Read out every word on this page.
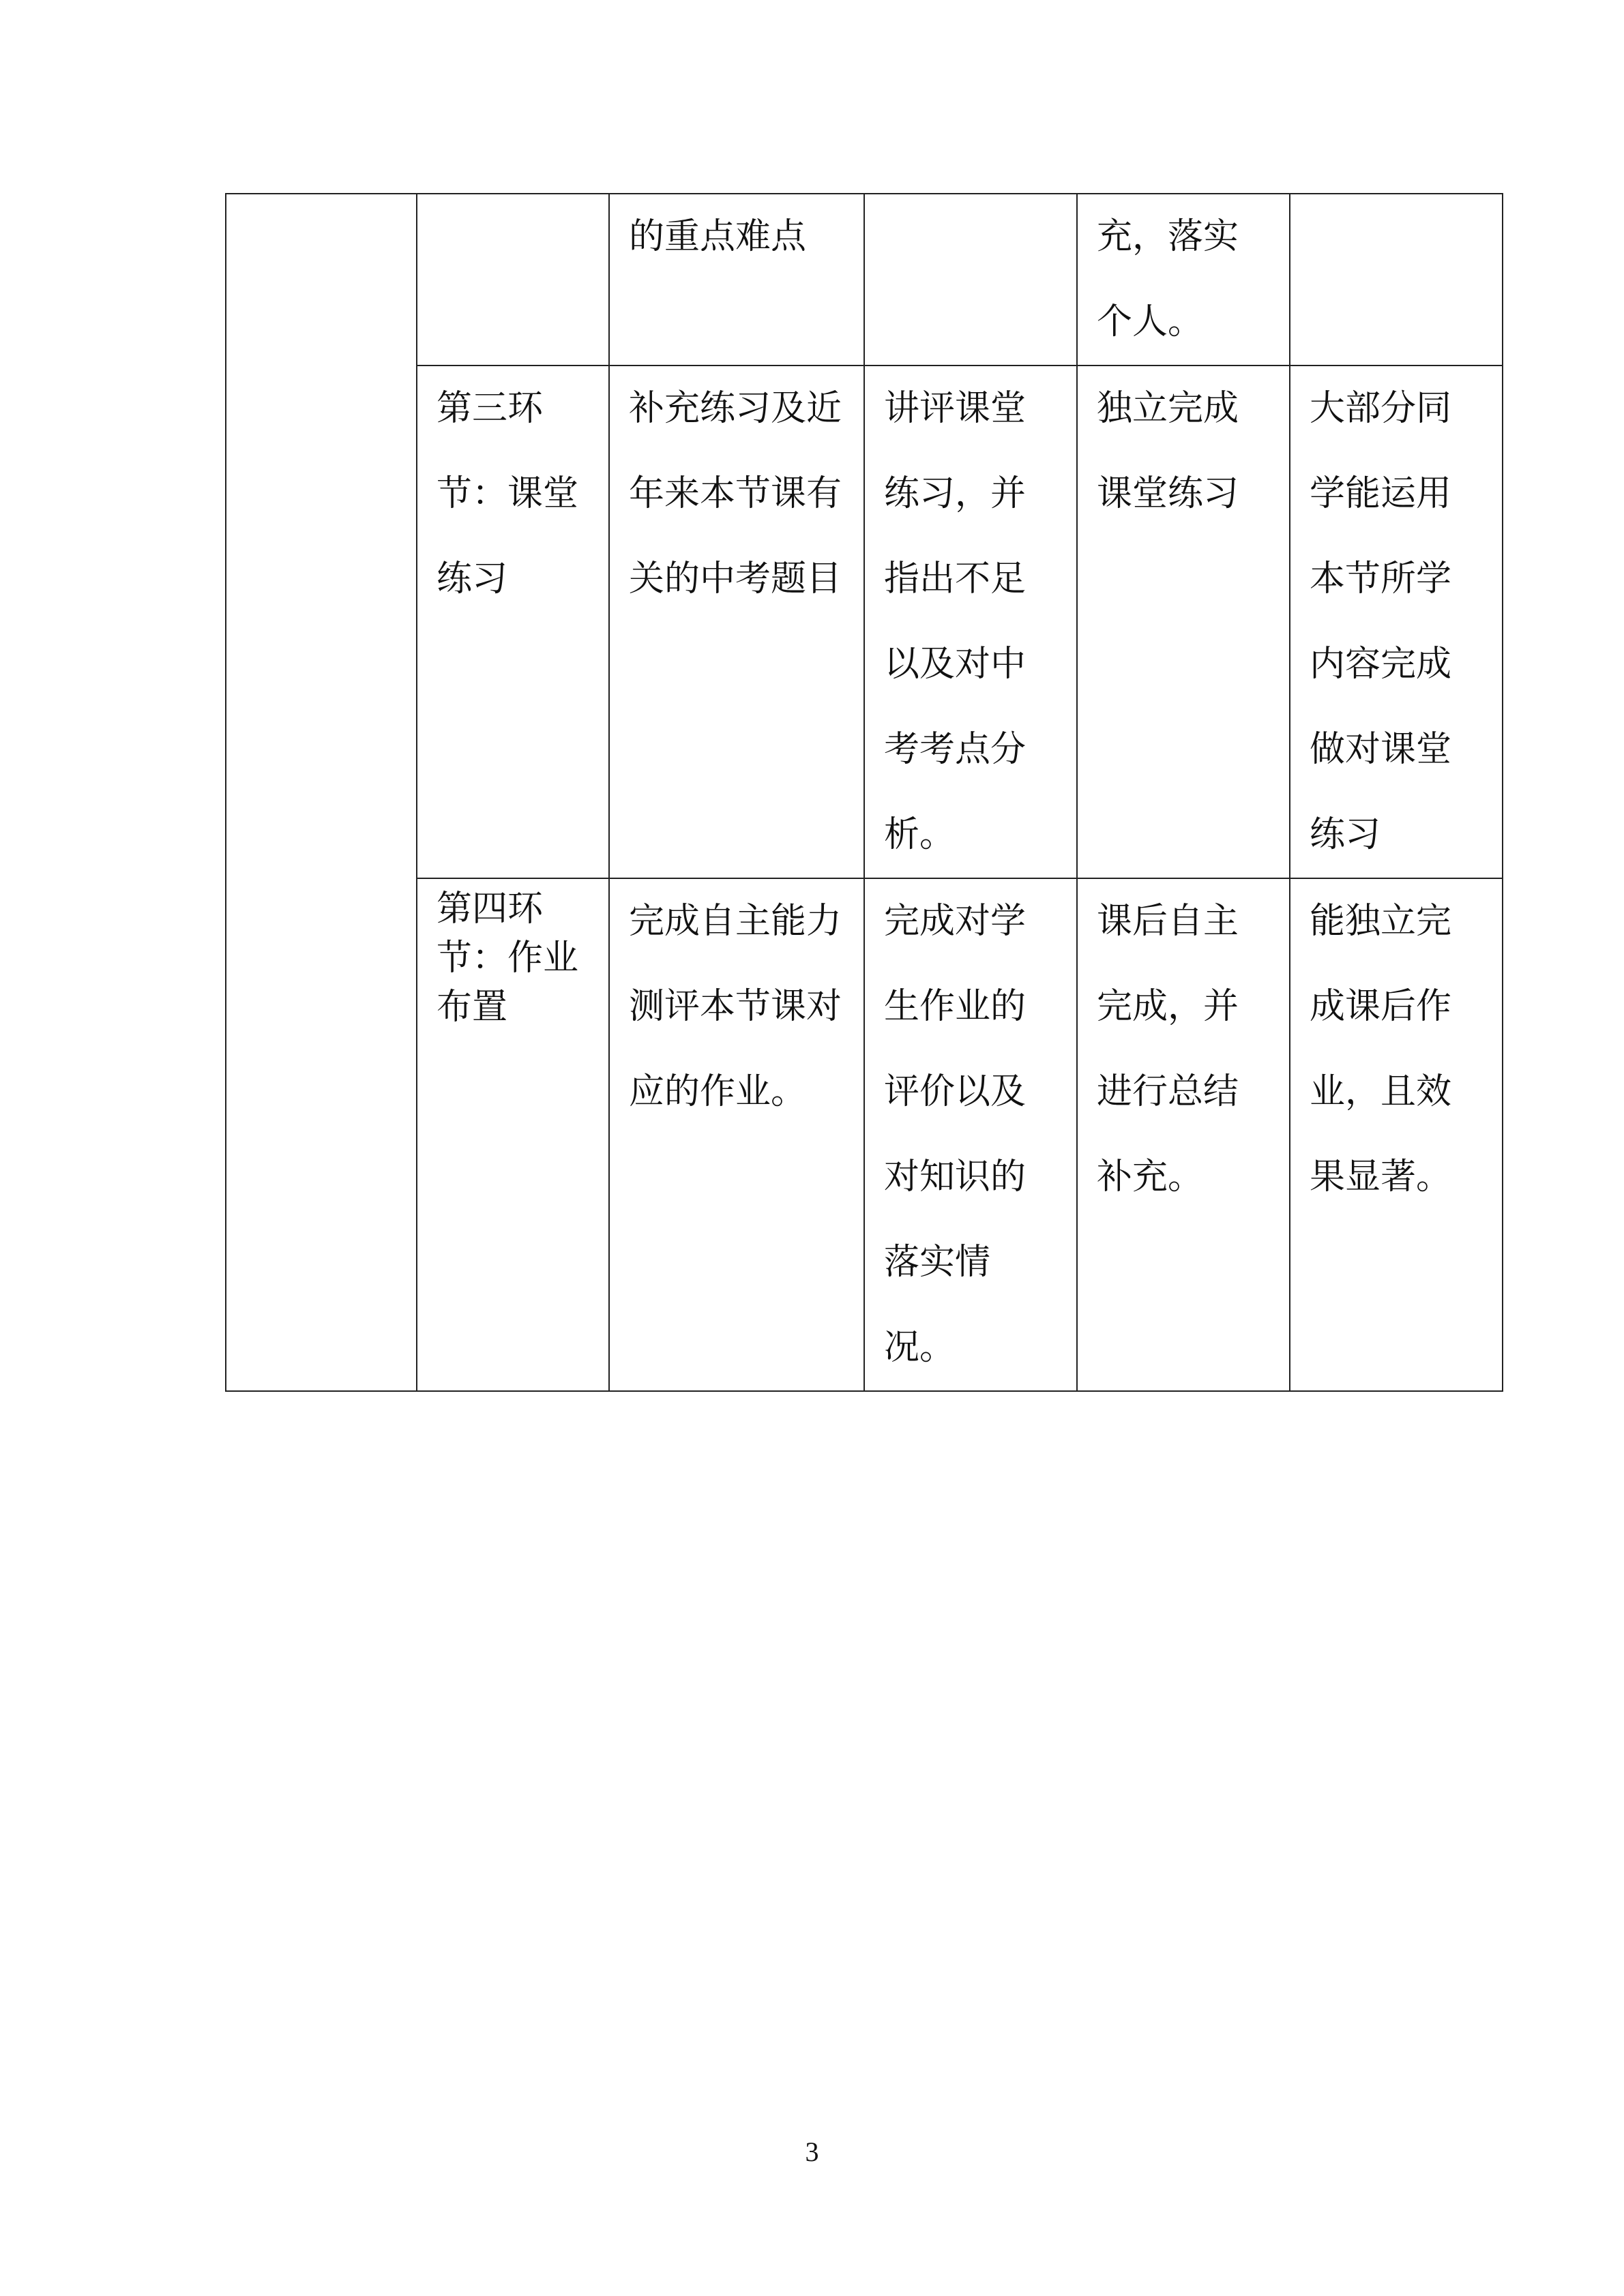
		的重点难点		充，落实个人。	
	第三环节：课堂练习	补充练习及近年来本节课有关的中考题目	讲评课堂练习，并指出不足以及对中考考点分析。	独立完成课堂练习	大部分同学能运用本节所学内容完成做对课堂练习
	第四环节：作业布置	完成自主能力测评本节课对应的作业。	完成对学生作业的评价以及对知识的落实情况。	课后自主完成，并进行总结补充。	能独立完成课后作业，且效果显著。
3
